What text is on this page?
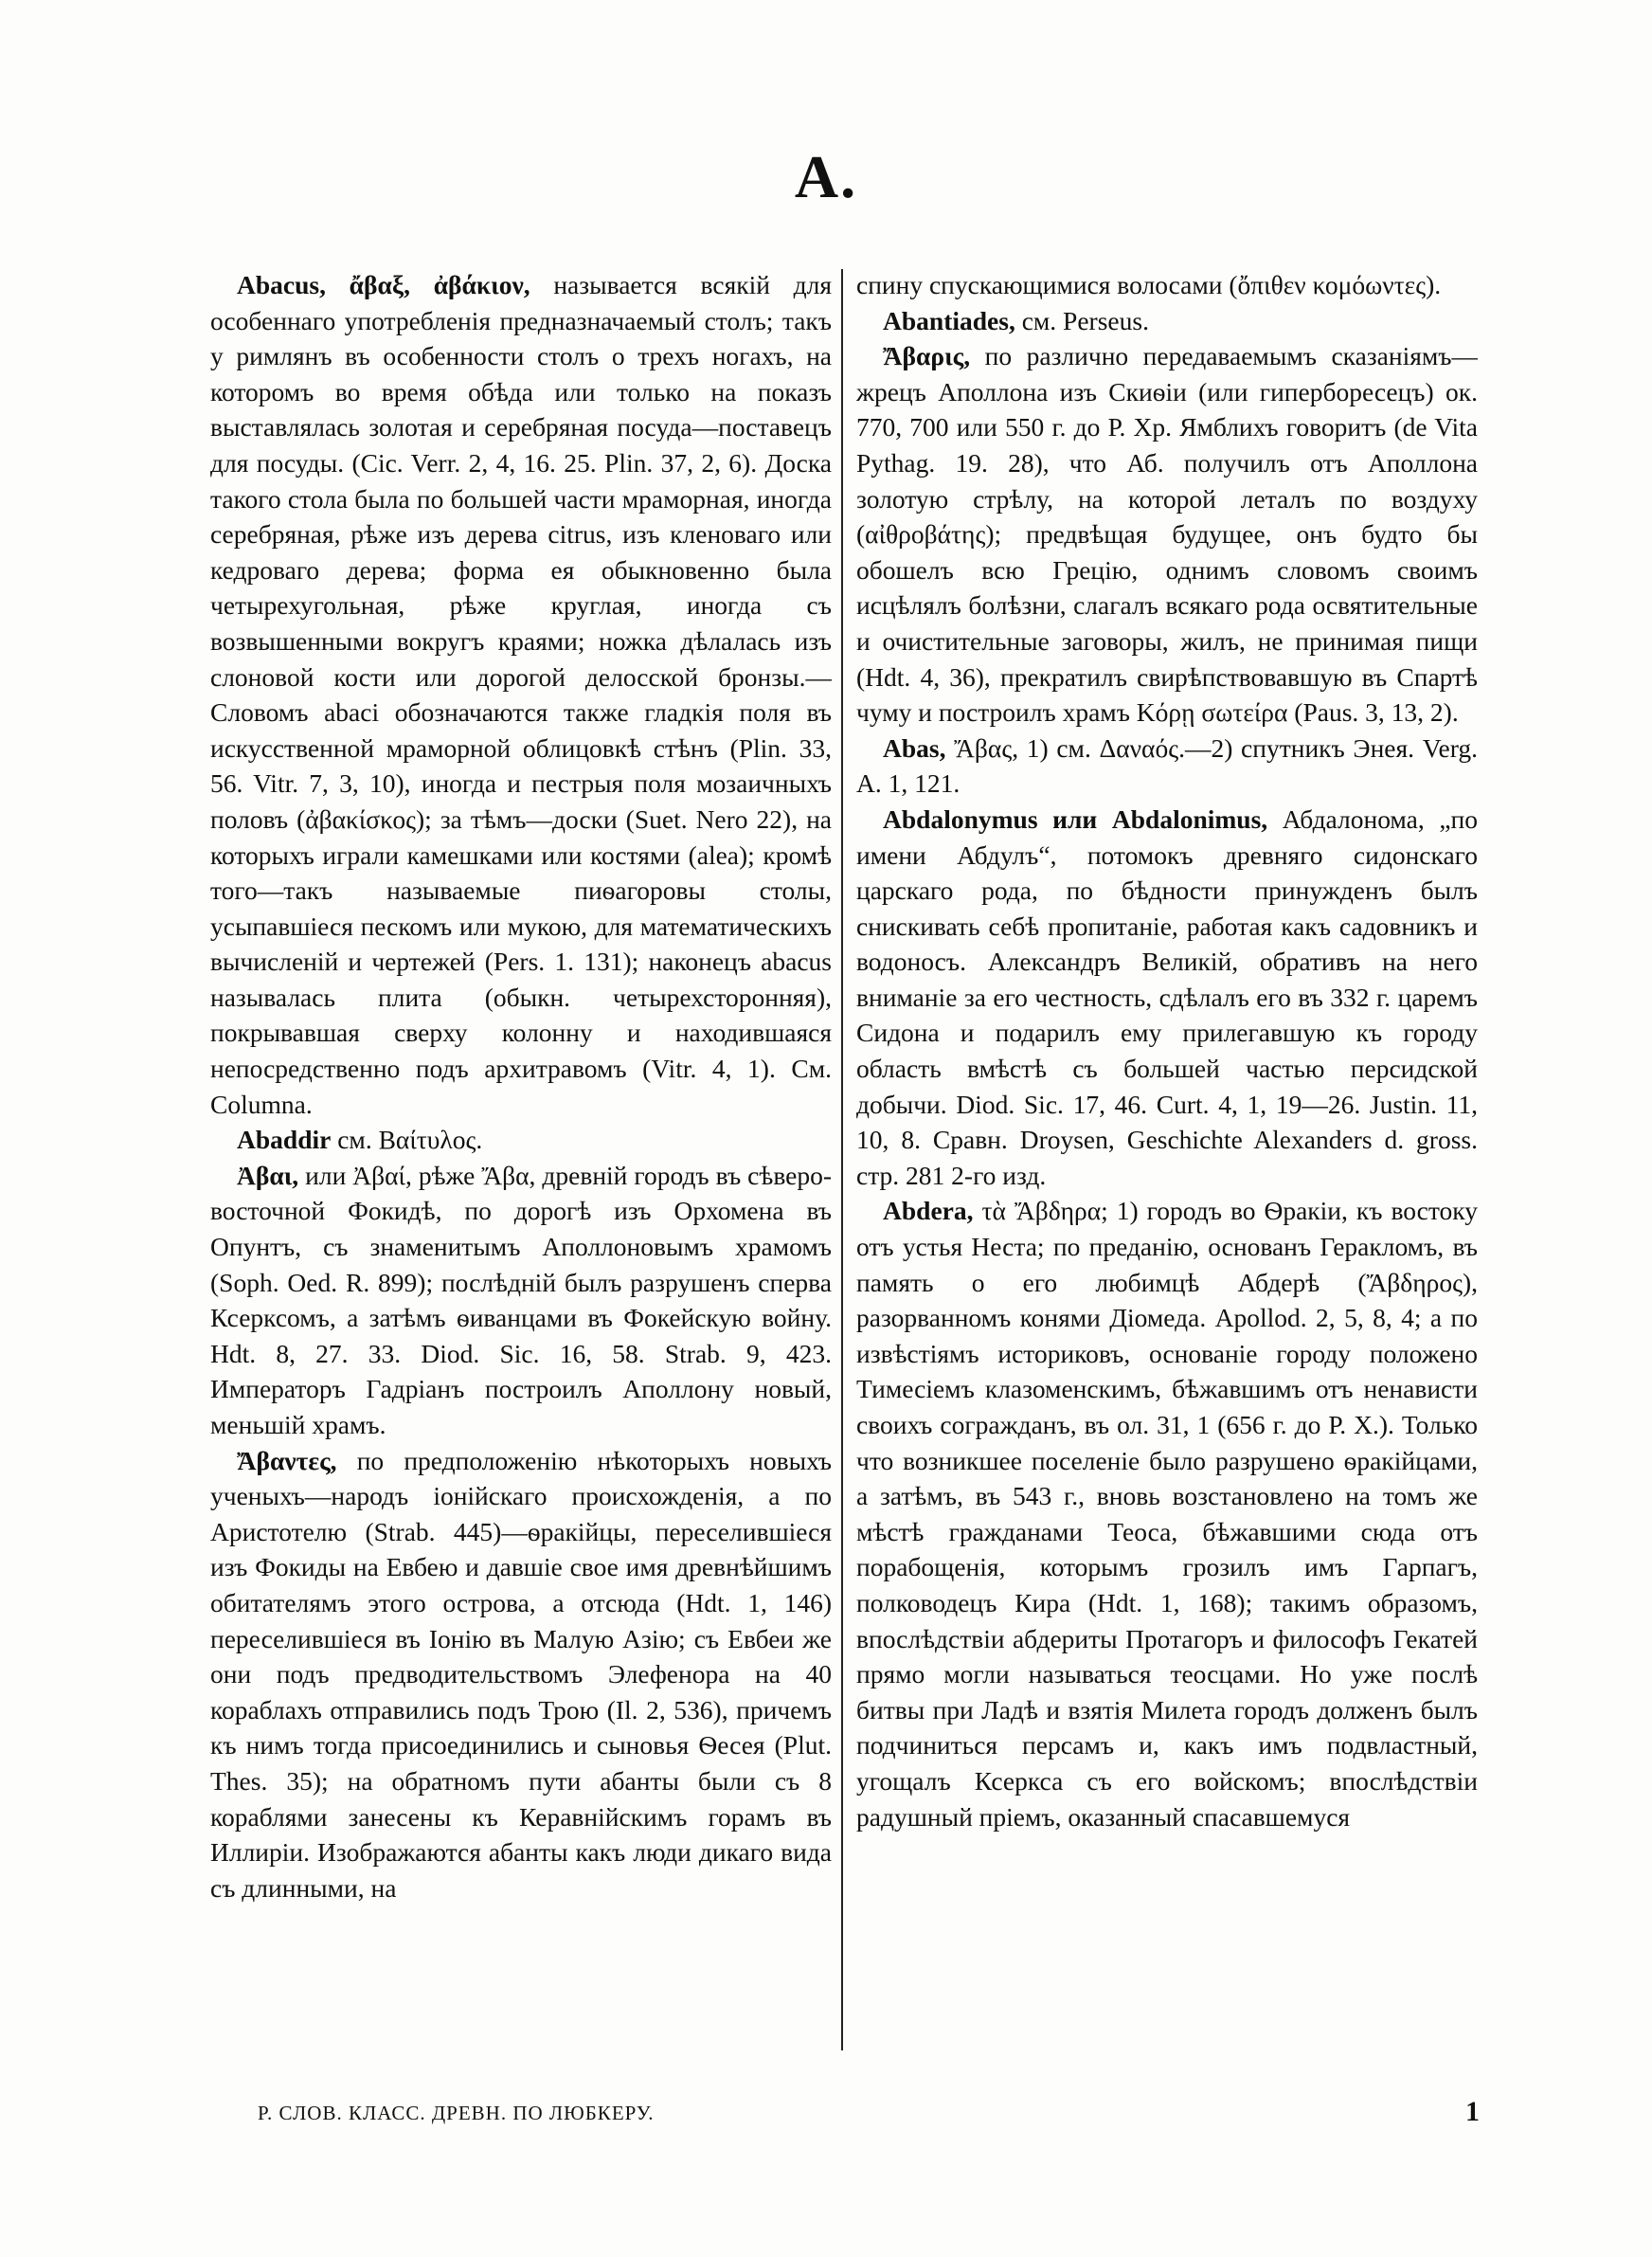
А.

Abacus, ἄβαξ, ἀβάκιον, называется всякій для особеннаго употребленія предназначаемый столъ; такъ у римлянъ въ особенности столъ о трехъ ногахъ, на которомъ во время обѣда или только на показъ выставлялась золотая и серебряная посуда—поставецъ для посуды. (Cic. Verr. 2, 4, 16. 25. Plin. 37, 2, 6). Доска такого стола была по большей части мраморная, иногда серебряная, рѣже изъ дерева citrus, изъ кленоваго или кедроваго дерева; форма ея обыкновенно была четырехугольная, рѣже круглая, иногда съ возвышенными вокругъ краями; ножка дѣлалась изъ слоновой кости или дорогой делосской бронзы.—Словомъ abaci обозначаются также гладкія поля въ искусственной мраморной облицовкѣ стѣнъ (Plin. 33, 56. Vitr. 7, 3, 10), иногда и пестрыя поля мозаичныхъ половъ (ἀβακίσκος); за тѣмъ—доски (Suet. Nero 22), на которыхъ играли камешками или костями (alea); кромѣ того—такъ называемые пиѳагоровы столы, усыпавшіеся пескомъ или мукою, для математическихъ вычисленій и чертежей (Pers. 1. 131); наконецъ abacus называлась плита (обыкн. четырехсторонняя), покрывавшая сверху колонну и находившаяся непосредственно подъ архитравомъ (Vitr. 4, 1). См. Columna.

Abaddir см. Βαίτυλος.

Ἀβαι, или Ἀβαί, рѣже Ἄβα, древній городъ въ сѣверо-восточной Фокидѣ, по дорогѣ изъ Орхомена въ Опунтъ, съ знаменитымъ Аполлоновымъ храмомъ (Soph. Oed. R. 899); послѣдній былъ разрушенъ сперва Ксерксомъ, а затѣмъ ѳиванцами въ Фокейскую войну. Hdt. 8, 27. 33. Diod. Sic. 16, 58. Strab. 9, 423. Императоръ Гадріанъ построилъ Аполлону новый, меньшій храмъ.

Ἄβαντες, по предположенію нѣкоторыхъ новыхъ ученыхъ—народъ іонійскаго происхожденія, а по Аристотелю (Strab. 445)—ѳракійцы, переселившіеся изъ Фокиды на Евбею и давшіе свое имя древнѣйшимъ обитателямъ этого острова, а отсюда (Hdt. 1, 146) переселившіеся въ Іонію въ Малую Азію; съ Евбеи же они подъ предводительствомъ Элефенора на 40 кораблахъ отправились подъ Трою (Il. 2, 536), причемъ къ нимъ тогда присоединились и сыновья Ѳесея (Plut. Thes. 35); на обратномъ пути абанты были съ 8 кораблями занесены къ Керавнійскимъ горамъ въ Иллиріи. Изображаются абанты какъ люди дикаго вида съ длинными, на

спину спускающимися волосами (ὄπιθεν κομόωντες).

Abantiades, см. Perseus.

Ἄβαρις, по различно передаваемымъ сказаніямъ—жрецъ Аполлона изъ Скиѳіи (или гиперборесецъ) ок. 770, 700 или 550 г. до Р. Хр. Ямблихъ говоритъ (de Vita Pythag. 19. 28), что Аб. получилъ отъ Аполлона золотую стрѣлу, на которой леталъ по воздуху (αἰθροβάτης); предвѣщая будущее, онъ будто бы обошелъ всю Грецію, однимъ словомъ своимъ исцѣлялъ болѣзни, слагалъ всякаго рода освятительные и очистительные заговоры, жилъ, не принимая пищи (Hdt. 4, 36), прекратилъ свирѣпствовавшую въ Спартѣ чуму и построилъ храмъ Κόρῃ σωτείρα (Paus. 3, 13, 2).

Abas, Ἄβας, 1) см. Δαναός.—2) спутникъ Энея. Verg. A. 1, 121.

Abdalonymus или Abdalonimus, Абдалонома, „по имени Абдулъ“, потомокъ древняго сидонскаго царскаго рода, по бѣдности принужденъ былъ снискивать себѣ пропитаніе, работая какъ садовникъ и водоносъ. Александръ Великій, обративъ на него вниманіе за его честность, сдѣлалъ его въ 332 г. царемъ Сидона и подарилъ ему прилегавшую къ городу область вмѣстѣ съ большей частью персидской добычи. Diod. Sic. 17, 46. Curt. 4, 1, 19—26. Justin. 11, 10, 8. Сравн. Droysen, Geschichte Alexanders d. gross. стр. 281 2-го изд.

Abdera, τὰ Ἄβδηρα; 1) городъ во Ѳракіи, къ востоку отъ устья Неста; по преданію, основанъ Геракломъ, въ память о его любимцѣ Абдерѣ (Ἄβδηρος), разорванномъ конями Діомеда. Apollod. 2, 5, 8, 4; а по извѣстіямъ историковъ, основаніе городу положено Тимесіемъ клазоменскимъ, бѣжавшимъ отъ ненависти своихъ согражданъ, въ ол. 31, 1 (656 г. до Р. Х.). Только что возникшее поселеніе было разрушено ѳракійцами, а затѣмъ, въ 543 г., вновь возстановлено на томъ же мѣстѣ гражданами Теоса, бѣжавшими сюда отъ порабощенія, которымъ грозилъ имъ Гарпагъ, полководецъ Кира (Hdt. 1, 168); такимъ образомъ, впослѣдствіи абдериты Протагоръ и философъ Гекатей прямо могли называться теосцами. Но уже послѣ битвы при Ладѣ и взятія Милета городъ долженъ былъ подчиниться персамъ и, какъ имъ подвластный, угощалъ Ксеркса съ его войскомъ; впослѣдствіи радушный пріемъ, оказанный спасавшемуся

Р. СЛОВ. КЛАСС. ДРЕВН. ПО ЛЮБКЕРУ.	1
